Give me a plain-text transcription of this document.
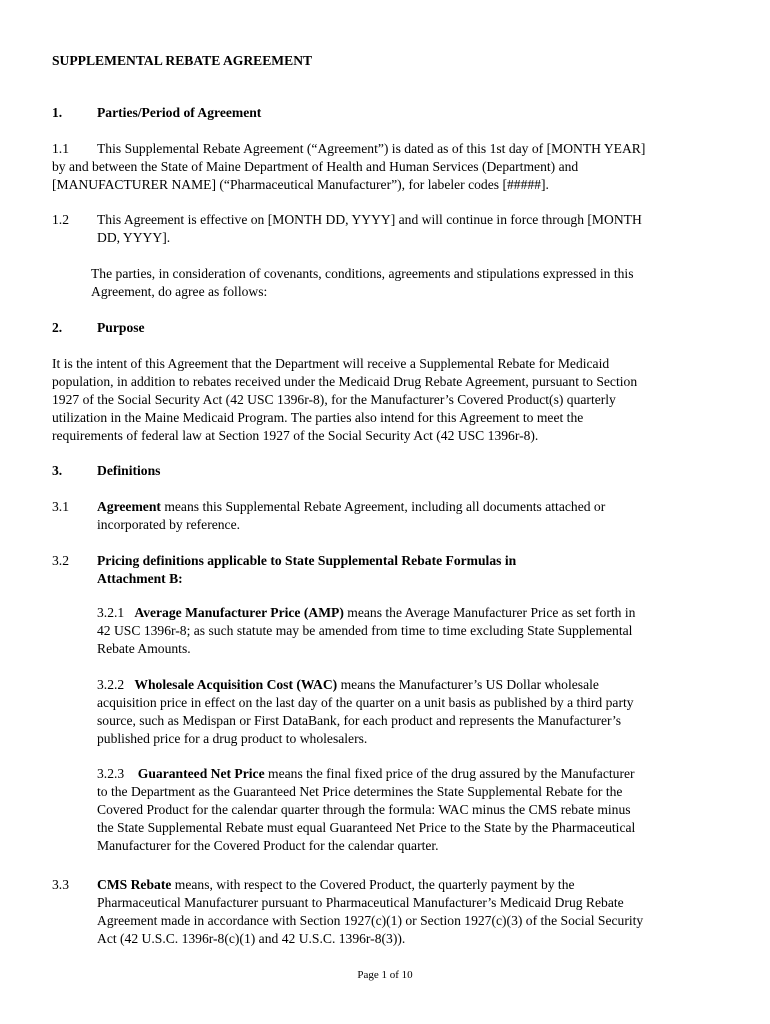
SUPPLEMENTAL REBATE AGREEMENT
1.	Parties/Period of Agreement
1.1 This Supplemental Rebate Agreement (“Agreement”) is dated as of this 1st day of [MONTH YEAR]
by and between the State of Maine Department of Health and Human Services (Department) and
[MANUFACTURER NAME] (“Pharmaceutical Manufacturer”), for labeler codes [#####].
1.2 This Agreement is effective on [MONTH DD, YYYY] and will continue in force through [MONTH
DD, YYYY].
The parties, in consideration of covenants, conditions, agreements and stipulations expressed in this
Agreement, do agree as follows:
2.	Purpose
It is the intent of this Agreement that the Department will receive a Supplemental Rebate for Medicaid
population, in addition to rebates received under the Medicaid Drug Rebate Agreement, pursuant to Section
1927 of the Social Security Act (42 USC 1396r-8), for the Manufacturer’s Covered Product(s) quarterly
utilization in the Maine Medicaid Program. The parties also intend for this Agreement to meet the
requirements of federal law at Section 1927 of the Social Security Act (42 USC 1396r-8).
3.	Definitions
3.1 Agreement means this Supplemental Rebate Agreement, including all documents attached or
incorporated by reference.
3.2 Pricing definitions applicable to State Supplemental Rebate Formulas in
Attachment B:
3.2.1 Average Manufacturer Price (AMP) means the Average Manufacturer Price as set forth in
42 USC 1396r-8; as such statute may be amended from time to time excluding State Supplemental
Rebate Amounts.
3.2.2 Wholesale Acquisition Cost (WAC) means the Manufacturer’s US Dollar wholesale
acquisition price in effect on the last day of the quarter on a unit basis as published by a third party
source, such as Medispan or First DataBank, for each product and represents the Manufacturer’s
published price for a drug product to wholesalers.
3.2.3 Guaranteed Net Price means the final fixed price of the drug assured by the Manufacturer
to the Department as the Guaranteed Net Price determines the State Supplemental Rebate for the
Covered Product for the calendar quarter through the formula: WAC minus the CMS rebate minus
the State Supplemental Rebate must equal Guaranteed Net Price to the State by the Pharmaceutical
Manufacturer for the Covered Product for the calendar quarter.
3.3 CMS Rebate means, with respect to the Covered Product, the quarterly payment by the
Pharmaceutical Manufacturer pursuant to Pharmaceutical Manufacturer’s Medicaid Drug Rebate
Agreement made in accordance with Section 1927(c)(1) or Section 1927(c)(3) of the Social Security
Act (42 U.S.C. 1396r-8(c)(1) and 42 U.S.C. 1396r-8(3)).
Page 1 of 10
